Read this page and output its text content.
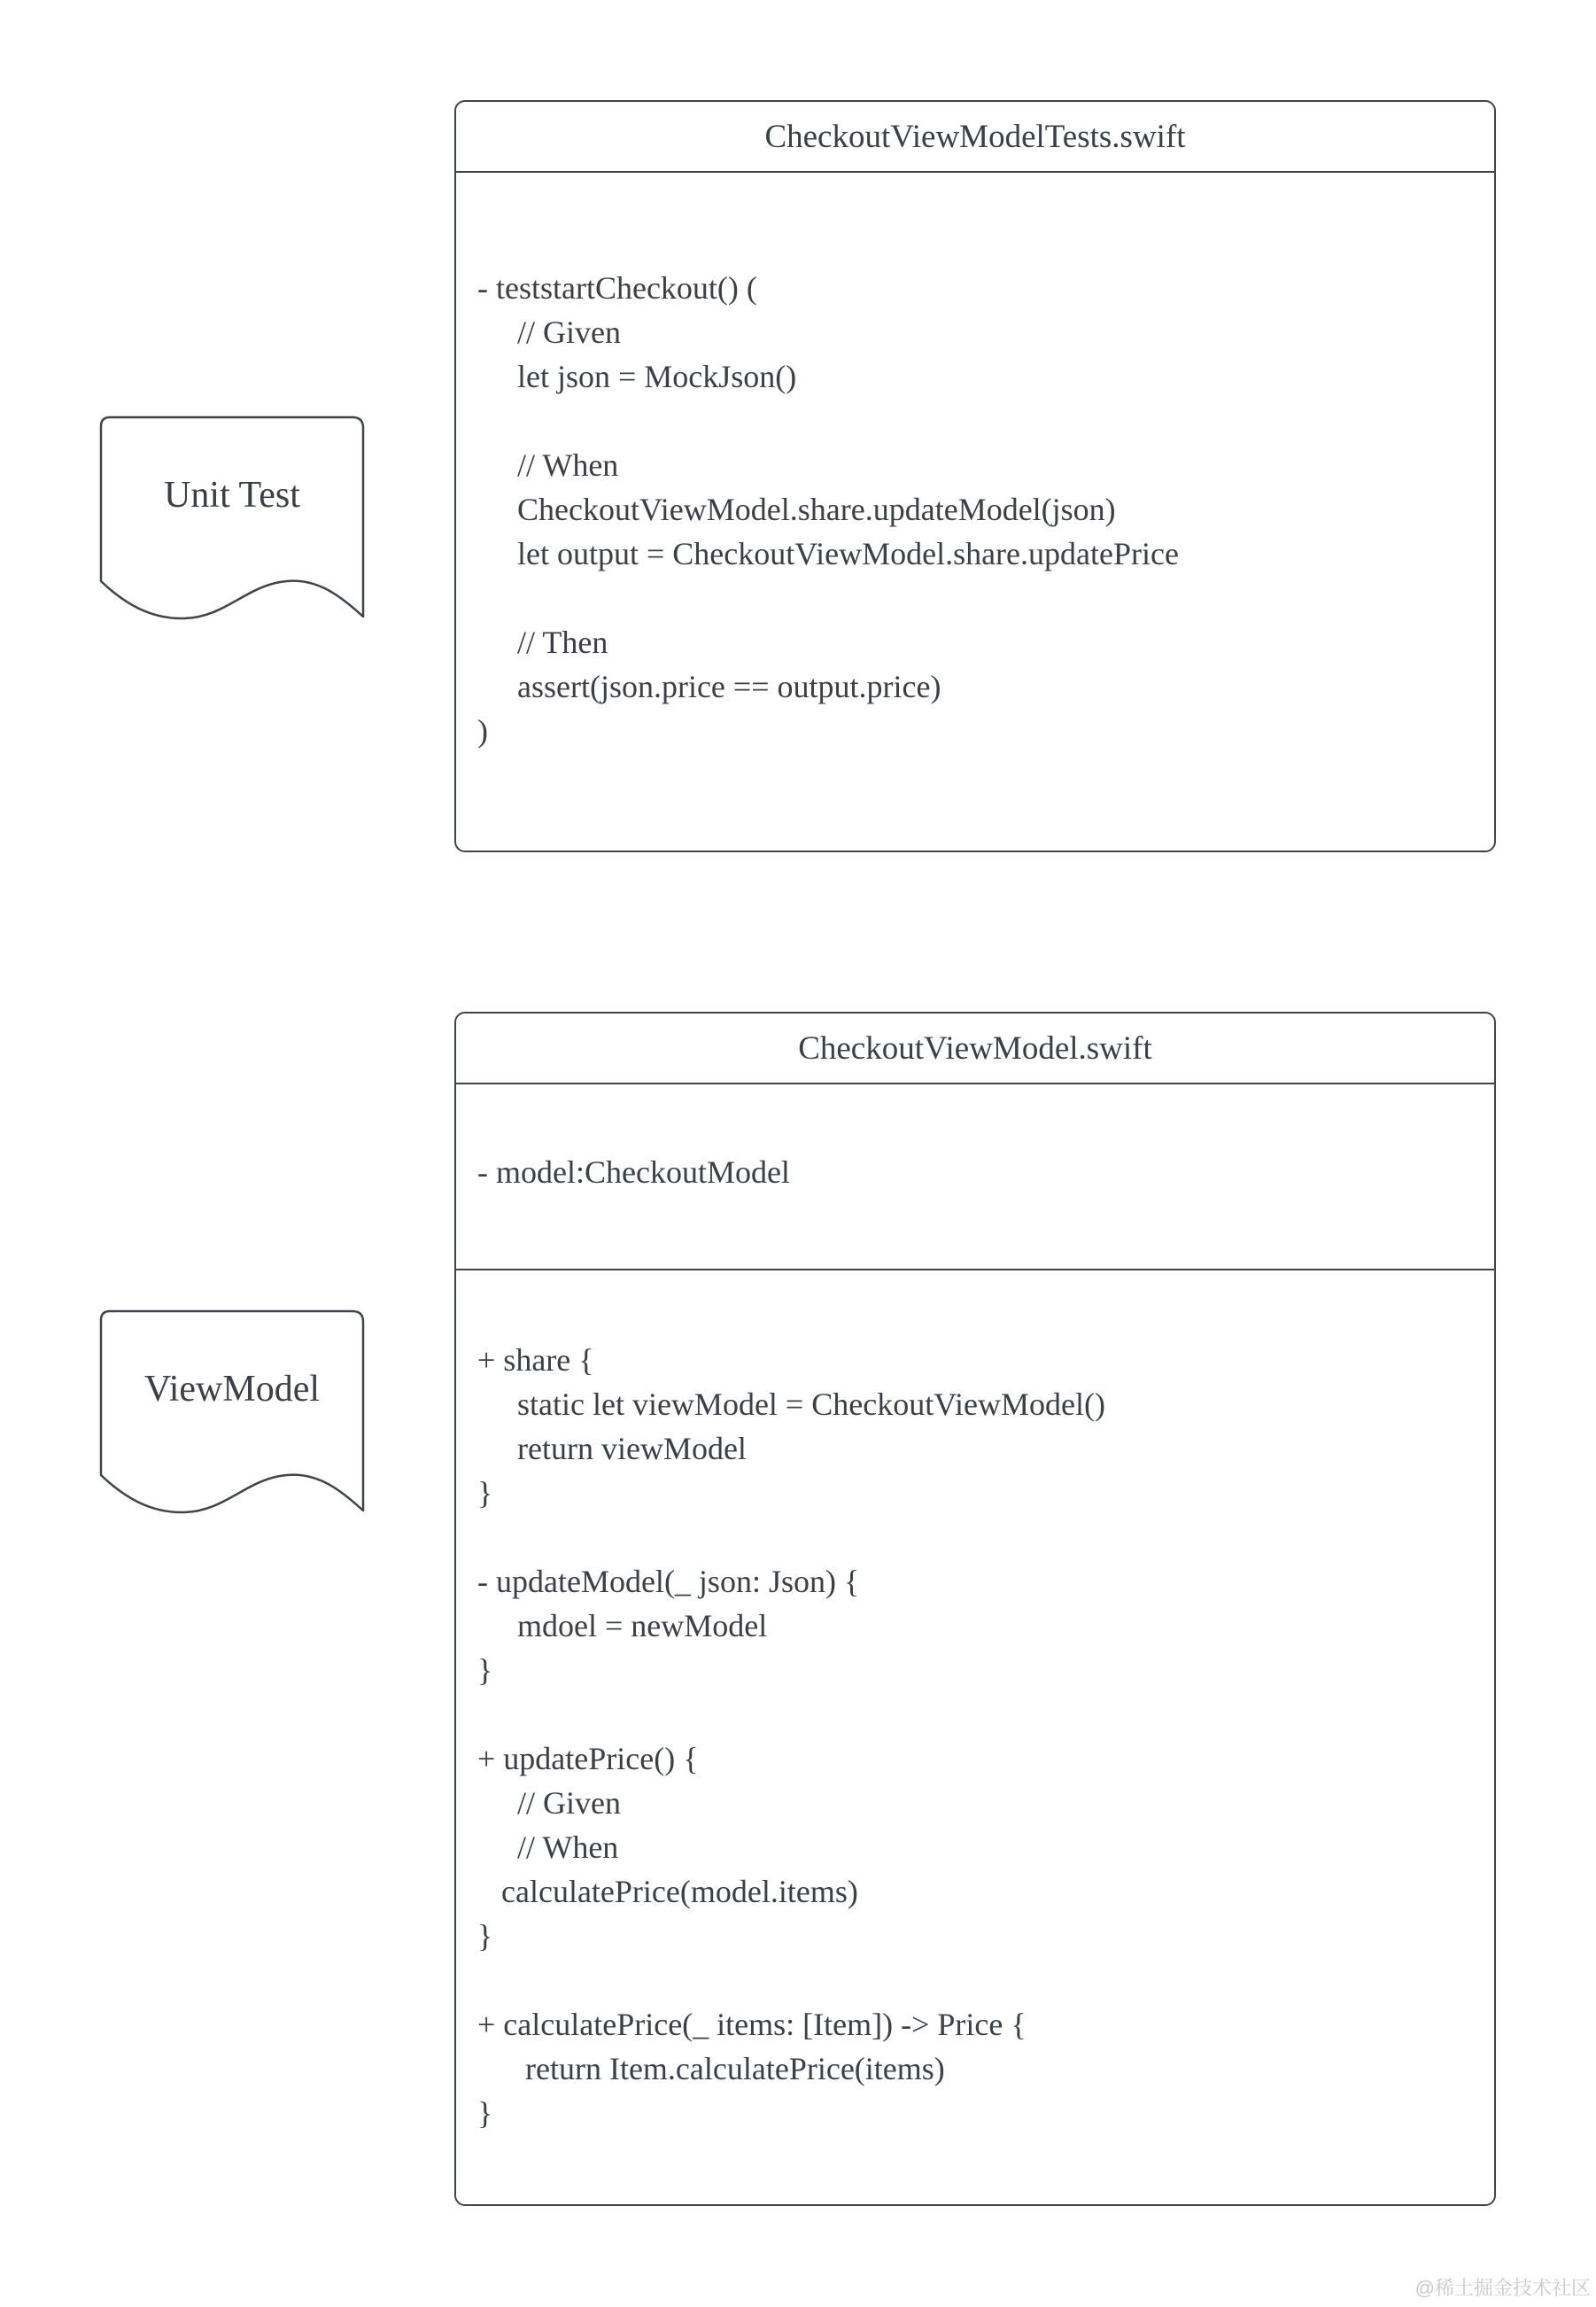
Unit Test
ViewModel
CheckoutViewModelTests.swift
- teststartCheckout() (
// Given
let json = MockJson()
// When
CheckoutViewModel.share.updateModel(json)
let output = CheckoutViewModel.share.updatePrice
// Then
assert(json.price == output.price)
)
CheckoutViewModel.swift
- model:CheckoutModel
+ share {
static let viewModel = CheckoutViewModel()
return viewModel
}
- updateModel(_ json: Json) {
mdoel = newModel
}
+ updatePrice() {
// Given
// When
calculatePrice(model.items)
}
+ calculatePrice(_ items: [Item]) -> Price {
return Item.calculatePrice(items)
}
@稀土掘金技术社区
